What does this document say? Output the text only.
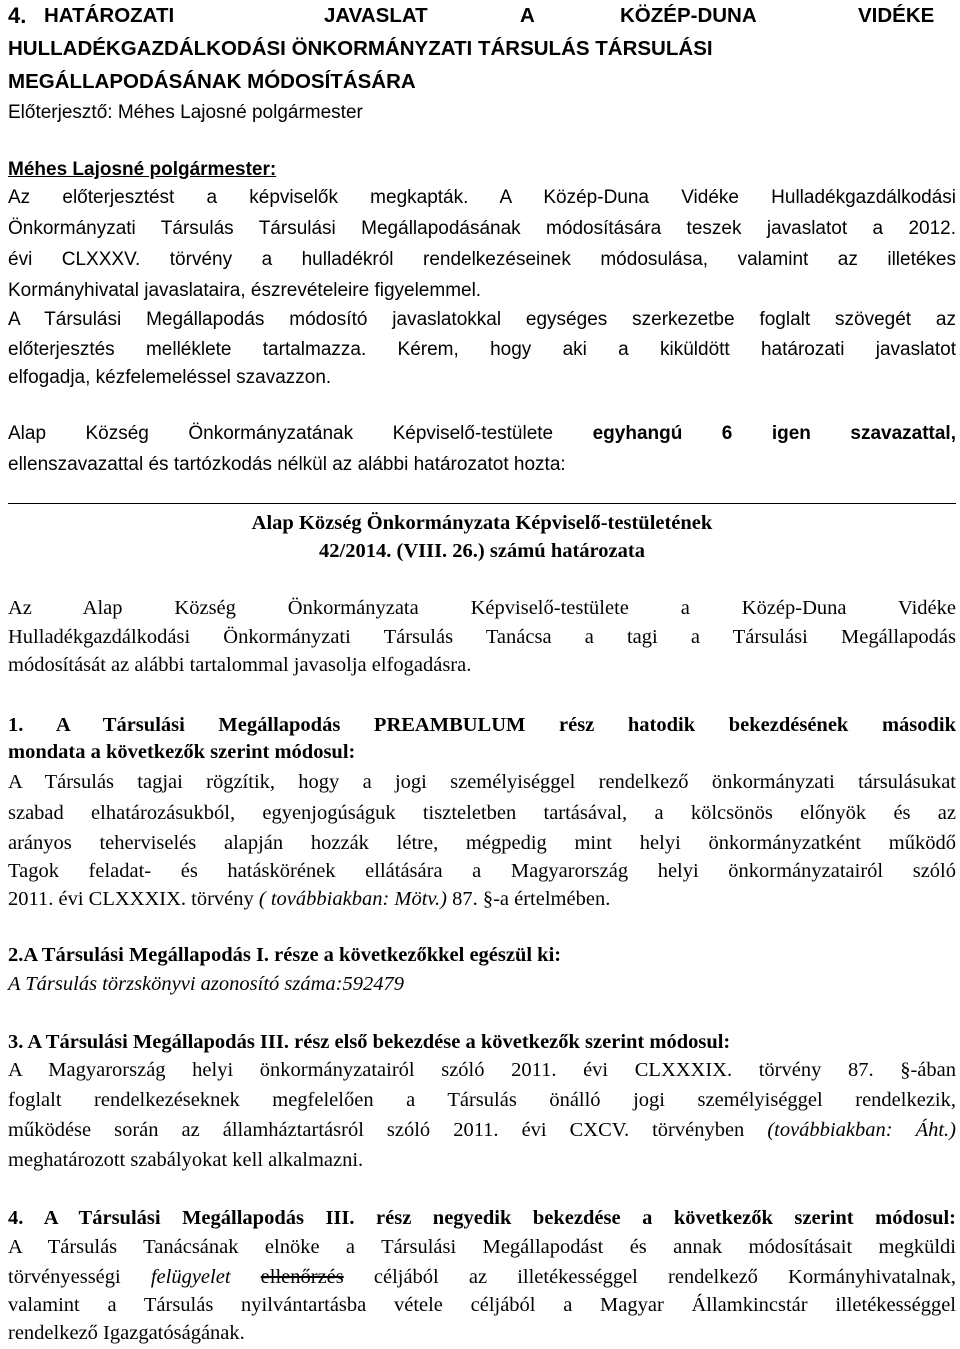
4. HATÁROZATI	JAVASLAT	A	KÖZÉP-DUNA	VIDÉKE
HULLADÉKGAZDÁLKODÁSI ÖNKORMÁNYZATI TÁRSULÁS TÁRSULÁSI
MEGÁLLAPODÁSÁNAK MÓDOSÍTÁSÁRA
Előterjesztő: Méhes Lajosné polgármester
Méhes Lajosné polgármester:
Az előterjesztést a képviselők megkapták. A Közép-Duna Vidéke Hulladékgazdálkodási
Önkormányzati Társulás Társulási Megállapodásának módosítására teszek javaslatot a 2012.
évi CLXXXV. törvény a hulladékról rendelkezéseinek módosulása, valamint az illetékes
Kormányhivatal javaslataira, észrevételeire figyelemmel.
A Társulási Megállapodás módosító javaslatokkal egységes szerkezetbe foglalt szövegét az
előterjesztés melléklete tartalmazza. Kérem, hogy aki a kiküldött határozati javaslatot
elfogadja, kézfelemeléssel szavazzon.
Alap Község Önkormányzatának Képviselő-testülete egyhangú 6 igen szavazattal,
ellenszavazattal és tartózkodás nélkül az alábbi határozatot hozta:
Alap Község Önkormányzata Képviselő-testületének
42/2014. (VIII. 26.) számú határozata
Az Alap Község Önkormányzata Képviselő-testülete a Közép-Duna Vidéke
Hulladékgazdálkodási Önkormányzati Társulás Tanácsa a tagi a Társulási Megállapodás
módosítását az alábbi tartalommal javasolja elfogadásra.
1. A Társulási Megállapodás PREAMBULUM rész hatodik bekezdésének második
mondata a következők szerint módosul:
A Társulás tagjai rögzítik, hogy a jogi személyiséggel rendelkező önkormányzati társulásukat
szabad elhatározásukból, egyenjogúságuk tiszteletben tartásával, a kölcsönös előnyök és az
arányos teherviselés alapján hozzák létre, mégpedig mint helyi önkormányzatként működő
Tagok feladat- és hatáskörének ellátására a Magyarország helyi önkormányzatairól szóló
2011. évi CLXXXIX. törvény ( továbbiakban: Mötv.) 87. §-a értelmében.
2.A Társulási Megállapodás I. része a következőkkel egészül ki:
A Társulás törzskönyvi azonosító száma:592479
3. A Társulási Megállapodás III. rész első bekezdése a következők szerint módosul:
A Magyarország helyi önkormányzatairól szóló 2011. évi CLXXXIX. törvény 87. §-ában
foglalt rendelkezéseknek megfelelően a Társulás önálló jogi személyiséggel rendelkezik,
működése során az államháztartásról szóló 2011. évi CXCV. törvényben (továbbiakban: Áht.)
meghatározott szabályokat kell alkalmazni.
4. A Társulási Megállapodás III. rész negyedik bekezdése a következők szerint módosul:
A Társulás Tanácsának elnöke a Társulási Megállapodást és annak módosításait megküldi
törvényességi felügyelet ellenőrzés céljából az illetékességgel rendelkező Kormányhivatalnak,
valamint a Társulás nyilvántartásba vétele céljából a Magyar Államkincstár illetékességgel
rendelkező Igazgatóságának.
